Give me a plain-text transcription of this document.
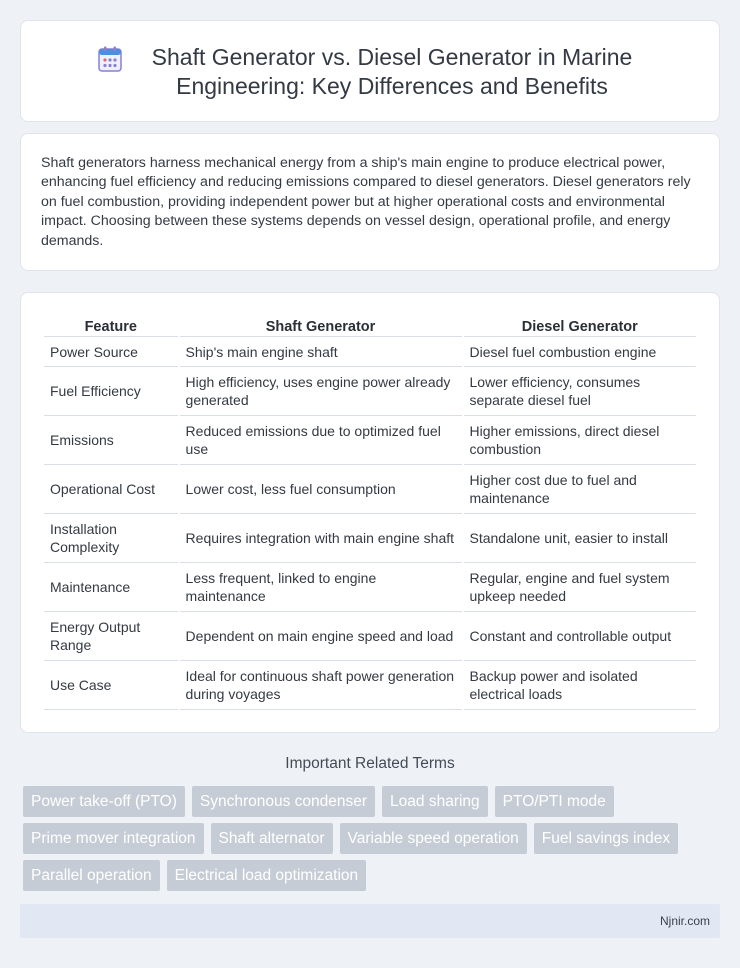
Shaft Generator vs. Diesel Generator in Marine Engineering: Key Differences and Benefits

Shaft generators harness mechanical energy from a ship's main engine to produce electrical power, enhancing fuel efficiency and reducing emissions compared to diesel generators. Diesel generators rely on fuel combustion, providing independent power but at higher operational costs and environmental impact. Choosing between these systems depends on vessel design, operational profile, and energy demands.

Feature	Shaft Generator	Diesel Generator
Power Source	Ship's main engine shaft	Diesel fuel combustion engine
Fuel Efficiency	High efficiency, uses engine power already generated	Lower efficiency, consumes separate diesel fuel
Emissions	Reduced emissions due to optimized fuel use	Higher emissions, direct diesel combustion
Operational Cost	Lower cost, less fuel consumption	Higher cost due to fuel and maintenance
Installation Complexity	Requires integration with main engine shaft	Standalone unit, easier to install
Maintenance	Less frequent, linked to engine maintenance	Regular, engine and fuel system upkeep needed
Energy Output Range	Dependent on main engine speed and load	Constant and controllable output
Use Case	Ideal for continuous shaft power generation during voyages	Backup power and isolated electrical loads
Important Related Terms
Power take-off (PTO)	Synchronous condenser	Load sharing	PTO/PTI mode
Prime mover integration	Shaft alternator	Variable speed operation	Fuel savings index
Parallel operation	Electrical load optimization
Njnir.com
